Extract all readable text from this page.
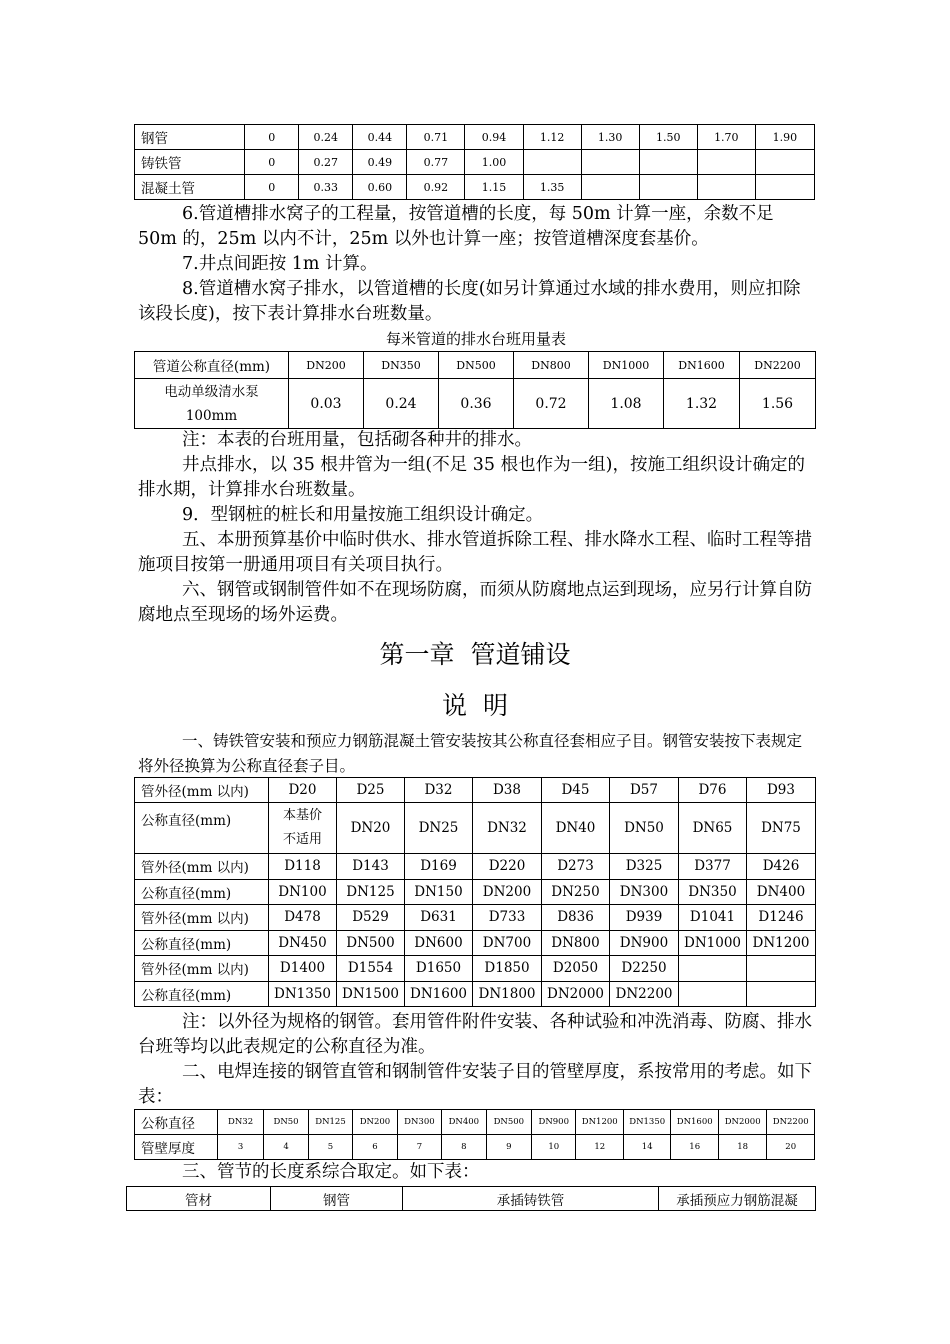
钢管	0	0.24	0.44	0.71	0.94	1.12	1.30	1.50	1.70	1.90
铸铁管	0	0.27	0.49	0.77	1.00					
混凝土管	0	0.33	0.60	0.92	1.15	1.35				

6.管道槽排水窝子的工程量，按管道槽的长度，每 50m 计算一座，余数不足 50m 的，25m 以内不计，25m 以外也计算一座；按管道槽深度套基价。

7.井点间距按 1m 计算。

8.管道槽水窝子排水，以管道槽的长度(如另计算通过水域的排水费用，则应扣除该段长度)，按下表计算排水台班数量。

每米管道的排水台班用量表

管道公称直径(mm)	DN200	DN350	DN500	DN800	DN1000	DN1600	DN2200

电动单级清水泵
100mm	0.03	0.24	0.36	0.72	1.08	1.32	1.56

注：本表的台班用量，包括砌各种井的排水。

井点排水，以 35 根井管为一组(不足 35 根也作为一组)，按施工组织设计确定的排水期，计算排水台班数量。

9．型钢桩的桩长和用量按施工组织设计确定。

五、本册预算基价中临时供水、排水管道拆除工程、排水降水工程、临时工程等措施项目按第一册通用项目有关项目执行。

六、钢管或钢制管件如不在现场防腐，而须从防腐地点运到现场，应另行计算自防腐地点至现场的场外运费。

第一章  管道铺设
说  明

一、铸铁管安装和预应力钢筋混凝土管安装按其公称直径套相应子目。钢管安装按下表规定将外径换算为公称直径套子目。

管外径(mm 以内)	D20	D25	D32	D38	D45	D57	D76	D93
公称直径(mm)	本基价
不适用	DN20	DN25	DN32	DN40	DN50	DN65	DN75
管外径(mm 以内)	D118	D143	D169	D220	D273	D325	D377	D426
公称直径(mm)	DN100	DN125	DN150	DN200	DN250	DN300	DN350	DN400
管外径(mm 以内)	D478	D529	D631	D733	D836	D939	D1041	D1246
公称直径(mm)	DN450	DN500	DN600	DN700	DN800	DN900	DN1000	DN1200
管外径(mm 以内)	D1400	D1554	D1650	D1850	D2050	D2250		
公称直径(mm)	DN1350	DN1500	DN1600	DN1800	DN2000	DN2200		

注：以外径为规格的钢管。套用管件附件安装、各种试验和冲洗消毒、防腐、排水台班等均以此表规定的公称直径为准。

二、电焊连接的钢管直管和钢制管件安装子目的管壁厚度，系按常用的考虑。如下表：

公称直径	DN32	DN50	DN125	DN200	DN300	DN400	DN500	DN900	DN1200	DN1350	DN1600	DN2000	DN2200
管壁厚度	3	4	5	6	7	8	9	10	12	14	16	18	20

三、管节的长度系综合取定。如下表：

管材	钢管	承插铸铁管	承插预应力钢筋混凝
